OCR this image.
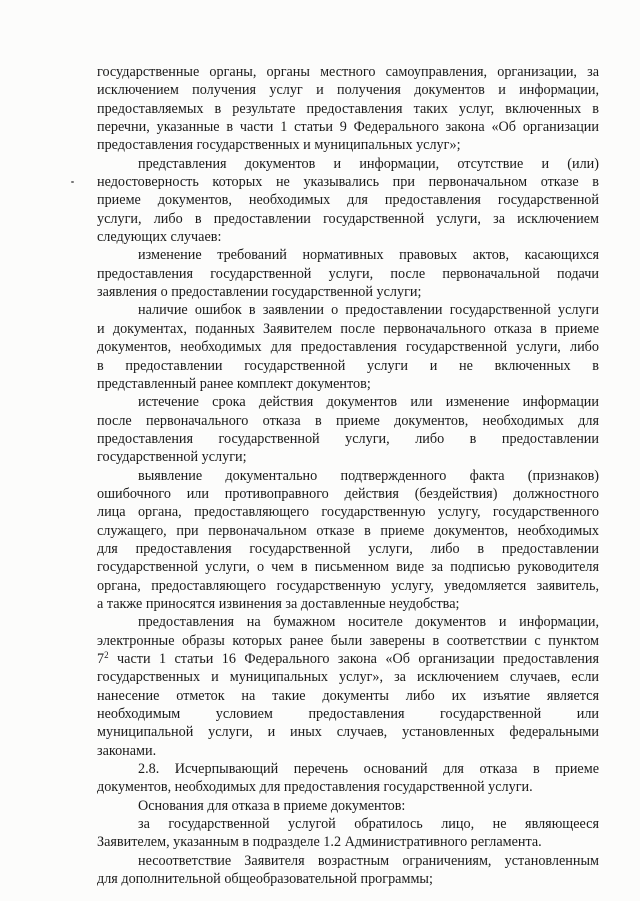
государственные органы, органы местного самоуправления, организации, за
исключением получения услуг и получения документов и информации,
предоставляемых в результате предоставления таких услуг, включенных в
перечни, указанные в части 1 статьи 9 Федерального закона «Об организации
предоставления государственных и муниципальных услуг»;
представления документов и информации, отсутствие и (или)
недостоверность которых не указывались при первоначальном отказе в
приеме документов, необходимых для предоставления государственной
услуги, либо в предоставлении государственной услуги, за исключением
следующих случаев:
изменение требований нормативных правовых актов, касающихся
предоставления государственной услуги, после первоначальной подачи
заявления о предоставлении государственной услуги;
наличие ошибок в заявлении о предоставлении государственной услуги
и документах, поданных Заявителем после первоначального отказа в приеме
документов, необходимых для предоставления государственной услуги, либо
в предоставлении государственной услуги и не включенных в
представленный ранее комплект документов;
истечение срока действия документов или изменение информации
после первоначального отказа в приеме документов, необходимых для
предоставления государственной услуги, либо в предоставлении
государственной услуги;
выявление документально подтвержденного факта (признаков)
ошибочного или противоправного действия (бездействия) должностного
лица органа, предоставляющего государственную услугу, государственного
служащего, при первоначальном отказе в приеме документов, необходимых
для предоставления государственной услуги, либо в предоставлении
государственной услуги, о чем в письменном виде за подписью руководителя
органа, предоставляющего государственную услугу, уведомляется заявитель,
а также приносятся извинения за доставленные неудобства;
предоставления на бумажном носителе документов и информации,
электронные образы которых ранее были заверены в соответствии с пунктом
$7^2$ части 1 статьи 16 Федерального закона «Об организации предоставления
государственных и муниципальных услуг», за исключением случаев, если
нанесение отметок на такие документы либо их изъятие является
необходимым условием предоставления государственной или
муниципальной услуги, и иных случаев, установленных федеральными
законами.
2.8. Исчерпывающий перечень оснований для отказа в приеме
документов, необходимых для предоставления государственной услуги.
Основания для отказа в приеме документов:
за государственной услугой обратилось лицо, не являющееся
Заявителем, указанным в подразделе 1.2 Административного регламента.
несоответствие Заявителя возрастным ограничениям, установленным
для дополнительной общеобразовательной программы;
